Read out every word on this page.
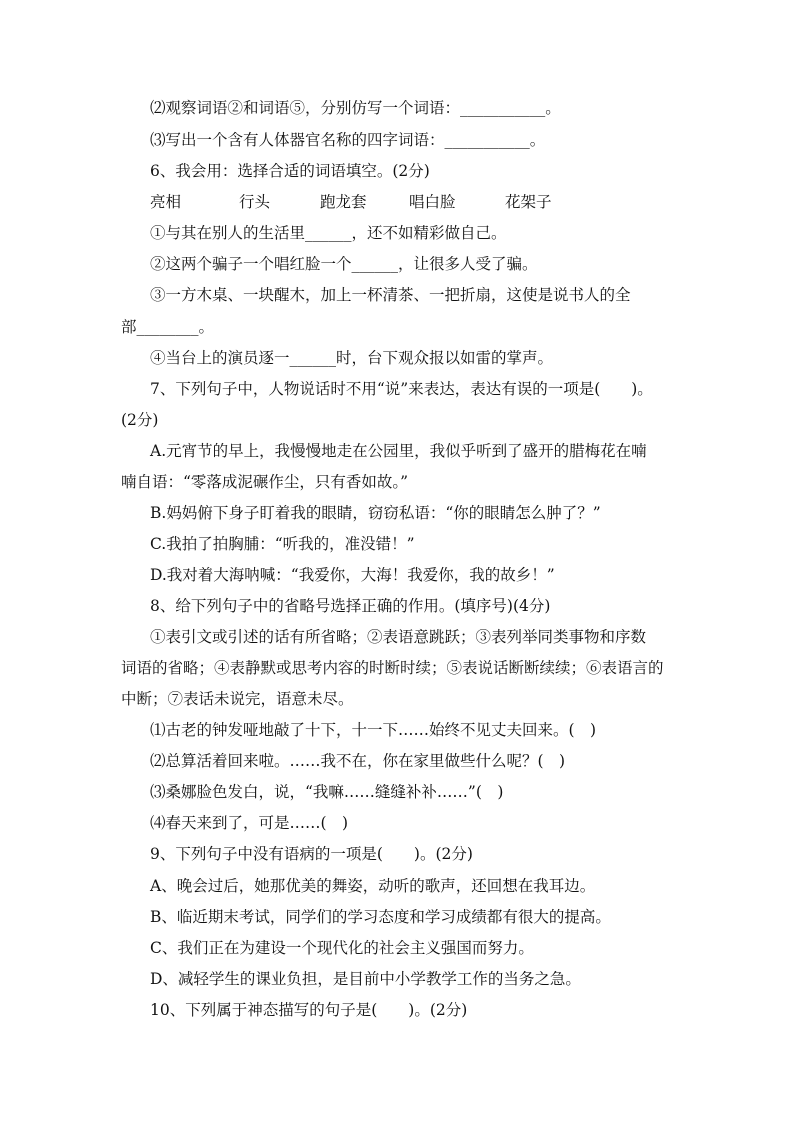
⑵观察词语②和词语⑤，分别仿写一个词语：___________。
⑶写出一个含有人体器官名称的四字词语：___________。
6、我会用：选择合适的词语填空。(2分)
亮相	行头	跑龙套	唱白脸	花架子
①与其在别人的生活里______，还不如精彩做自己。
②这两个骗子一个唱红脸一个______，让很多人受了骗。
③一方木桌、一块醒木，加上一杯清茶、一把折扇，这使是说书人的全
部________。
④当台上的演员逐一______时，台下观众报以如雷的掌声。
7、下列句子中，人物说话时不用“说”来表达，表达有误的一项是(　　)。
(2分)
A.元宵节的早上，我慢慢地走在公园里，我似乎听到了盛开的腊梅花在喃
喃自语：“零落成泥碾作尘，只有香如故。”
B.妈妈俯下身子盯着我的眼睛，窃窃私语：“你的眼睛怎么肿了？”
C.我拍了拍胸脯：“听我的，准没错！”
D.我对着大海呐喊：“我爱你，大海！我爱你，我的故乡！”
8、给下列句子中的省略号选择正确的作用。(填序号)(4分)
①表引文或引述的话有所省略；②表语意跳跃；③表列举同类事物和序数
词语的省略；④表静默或思考内容的时断时续；⑤表说话断断续续；⑥表语言的
中断；⑦表话未说完，语意未尽。
⑴古老的钟发哑地敲了十下，十一下……始终不见丈夫回来。(　)
⑵总算活着回来啦。……我不在，你在家里做些什么呢？(　)
⑶桑娜脸色发白，说，“我嘛……缝缝补补……”(　)
⑷春天来到了，可是……(　)
9、下列句子中没有语病的一项是(　　)。(2分)
A、晚会过后，她那优美的舞姿，动听的歌声，还回想在我耳边。
B、临近期末考试，同学们的学习态度和学习成绩都有很大的提高。
C、我们正在为建设一个现代化的社会主义强国而努力。
D、减轻学生的课业负担，是目前中小学教学工作的当务之急。
10、下列属于神态描写的句子是(　　)。(2分)
